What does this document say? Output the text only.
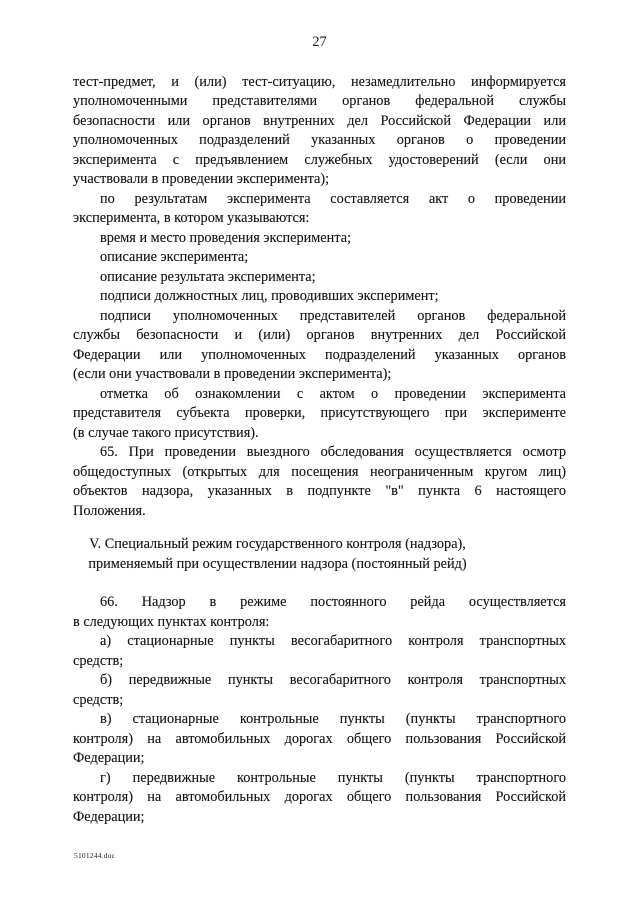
27
тест-предмет, и (или) тест-ситуацию, незамедлительно информируется
уполномоченными представителями органов федеральной службы
безопасности или органов внутренних дел Российской Федерации или
уполномоченных подразделений указанных органов о проведении
эксперимента с предъявлением служебных удостоверений (если они
участвовали в проведении эксперимента);
по результатам эксперимента составляется акт о проведении
эксперимента, в котором указываются:
время и место проведения эксперимента;
описание эксперимента;
описание результата эксперимента;
подписи должностных лиц, проводивших эксперимент;
подписи уполномоченных представителей органов федеральной
службы безопасности и (или) органов внутренних дел Российской
Федерации или уполномоченных подразделений указанных органов
(если они участвовали в проведении эксперимента);
отметка об ознакомлении с актом о проведении эксперимента
представителя субъекта проверки, присутствующего при эксперименте
(в случае такого присутствия).
65. При проведении выездного обследования осуществляется осмотр
общедоступных (открытых для посещения неограниченным кругом лиц)
объектов надзора, указанных в подпункте "в" пункта 6 настоящего
Положения.
V. Специальный режим государственного контроля (надзора),
применяемый при осуществлении надзора (постоянный рейд)
66. Надзор в режиме постоянного рейда осуществляется
в следующих пунктах контроля:
а) стационарные пункты весогабаритного контроля транспортных
средств;
б) передвижные пункты весогабаритного контроля транспортных
средств;
в) стационарные контрольные пункты (пункты транспортного
контроля) на автомобильных дорогах общего пользования Российской
Федерации;
г) передвижные контрольные пункты (пункты транспортного
контроля) на автомобильных дорогах общего пользования Российской
Федерации;
5101244.doc
